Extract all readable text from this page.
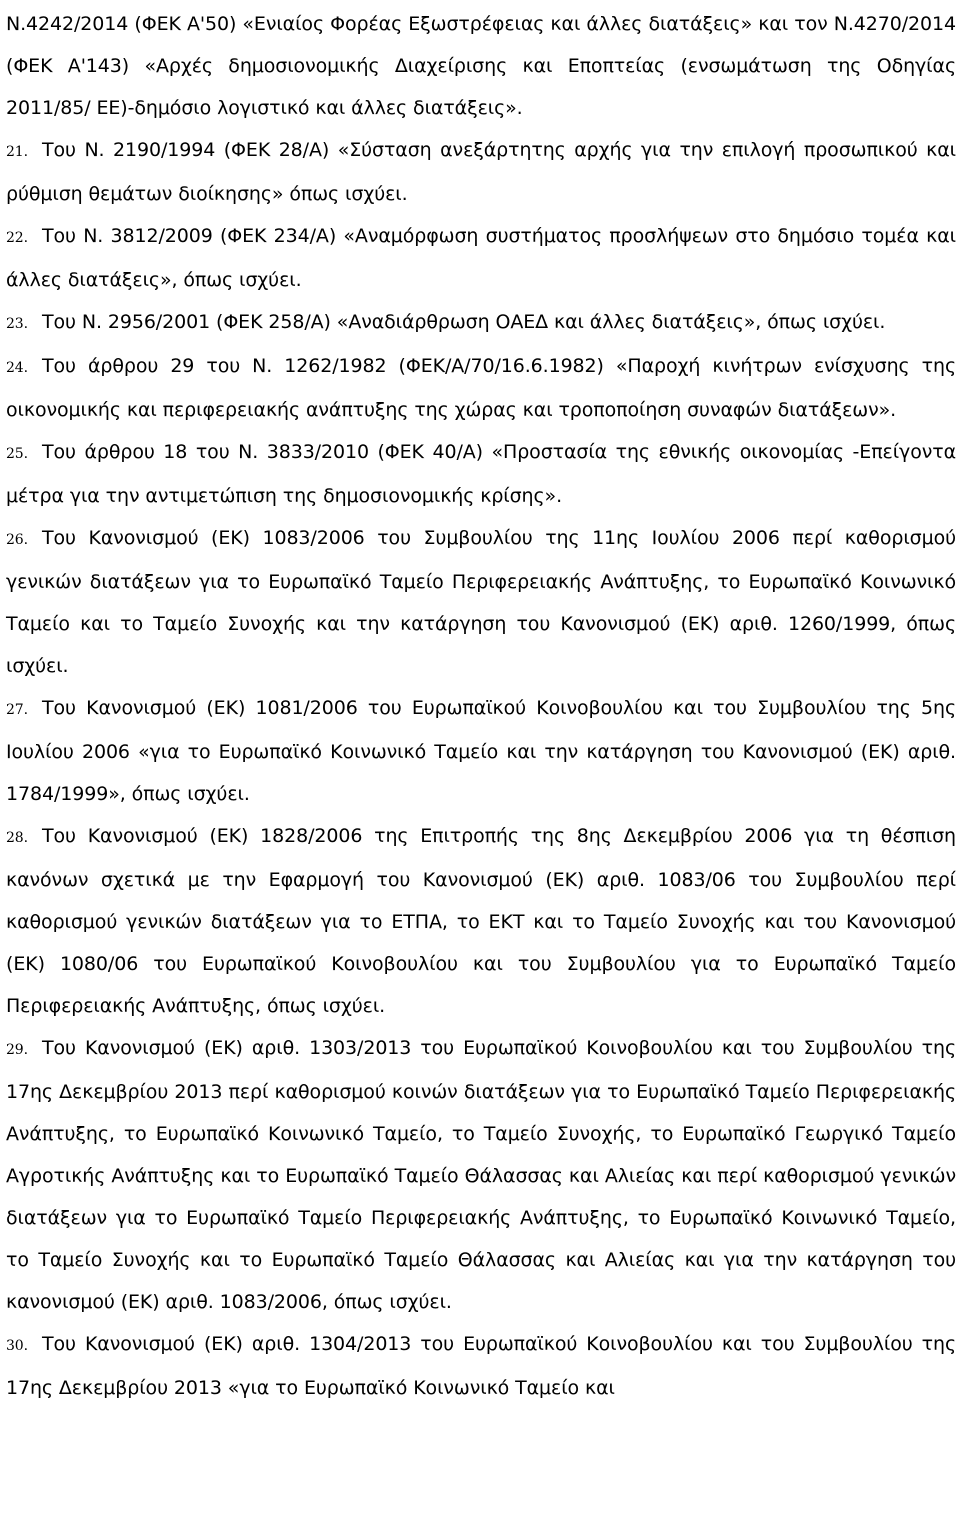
Ν.4242/2014 (ΦΕΚ Α'50) «Ενιαίος Φορέας Εξωστρέφειας και άλλες διατάξεις» και τον Ν.4270/2014 (ΦΕΚ Α'143) «Αρχές δημοσιονομικής Διαχείρισης και Εποπτείας (ενσωμάτωση της Οδηγίας 2011/85/ ΕΕ)-δημόσιο λογιστικό και άλλες διατάξεις».

21. Του Ν. 2190/1994 (ΦΕΚ 28/Α) «Σύσταση ανεξάρτητης αρχής για την επιλογή προσωπικού και ρύθμιση θεμάτων διοίκησης» όπως ισχύει.

22. Του Ν. 3812/2009 (ΦΕΚ 234/Α) «Αναμόρφωση συστήματος προσλήψεων στο δημόσιο τομέα και άλλες διατάξεις», όπως ισχύει.

23. Του Ν. 2956/2001 (ΦΕΚ 258/Α) «Αναδιάρθρωση ΟΑΕΔ και άλλες διατάξεις», όπως ισχύει.

24. Του άρθρου 29 του Ν. 1262/1982 (ΦΕΚ/Α/70/16.6.1982) «Παροχή κινήτρων ενίσχυσης της οικονομικής και περιφερειακής ανάπτυξης της χώρας και τροποποίηση συναφών διατάξεων».

25. Του άρθρου 18 του Ν. 3833/2010 (ΦΕΚ 40/Α) «Προστασία της εθνικής οικονομίας -Επείγοντα μέτρα για την αντιμετώπιση της δημοσιονομικής κρίσης».

26. Του Κανονισμού (ΕΚ) 1083/2006 του Συμβουλίου της 11ης Ιουλίου 2006 περί καθορισμού γενικών διατάξεων για το Ευρωπαϊκό Ταμείο Περιφερειακής Ανάπτυξης, το Ευρωπαϊκό Κοινωνικό Ταμείο και το Ταμείο Συνοχής και την κατάργηση του Κανονισμού (ΕΚ) αριθ. 1260/1999, όπως ισχύει.

27. Του Κανονισμού (ΕΚ) 1081/2006 του Ευρωπαϊκού Κοινοβουλίου και του Συμβουλίου της 5ης Ιουλίου 2006 «για το Ευρωπαϊκό Κοινωνικό Ταμείο και την κατάργηση του Κανονισμού (ΕΚ) αριθ. 1784/1999», όπως ισχύει.

28. Του Κανονισμού (ΕΚ) 1828/2006 της Επιτροπής της 8ης Δεκεμβρίου 2006 για τη θέσπιση κανόνων σχετικά με την Εφαρμογή του Κανονισμού (ΕΚ) αριθ. 1083/06 του Συμβουλίου περί καθορισμού γενικών διατάξεων για το ΕΤΠΑ, το ΕΚΤ και το Ταμείο Συνοχής και του Κανονισμού (ΕΚ) 1080/06 του Ευρωπαϊκού Κοινοβουλίου και του Συμβουλίου για το Ευρωπαϊκό Ταμείο Περιφερειακής Ανάπτυξης, όπως ισχύει.

29. Του Κανονισμού (ΕΚ) αριθ. 1303/2013 του Ευρωπαϊκού Κοινοβουλίου και του Συμβουλίου της 17ης Δεκεμβρίου 2013 περί καθορισμού κοινών διατάξεων για το Ευρωπαϊκό Ταμείο Περιφερειακής Ανάπτυξης, το Ευρωπαϊκό Κοινωνικό Ταμείο, το Ταμείο Συνοχής, το Ευρωπαϊκό Γεωργικό Ταμείο Αγροτικής Ανάπτυξης και το Ευρωπαϊκό Ταμείο Θάλασσας και Αλιείας και περί καθορισμού γενικών διατάξεων για το Ευρωπαϊκό Ταμείο Περιφερειακής Ανάπτυξης, το Ευρωπαϊκό Κοινωνικό Ταμείο, το Ταμείο Συνοχής και το Ευρωπαϊκό Ταμείο Θάλασσας και Αλιείας και για την κατάργηση του κανονισμού (ΕΚ) αριθ. 1083/2006, όπως ισχύει.

30. Του Κανονισμού (ΕΚ) αριθ. 1304/2013 του Ευρωπαϊκού Κοινοβουλίου και του Συμβουλίου της 17ης Δεκεμβρίου 2013 «για το Ευρωπαϊκό Κοινωνικό Ταμείο και
